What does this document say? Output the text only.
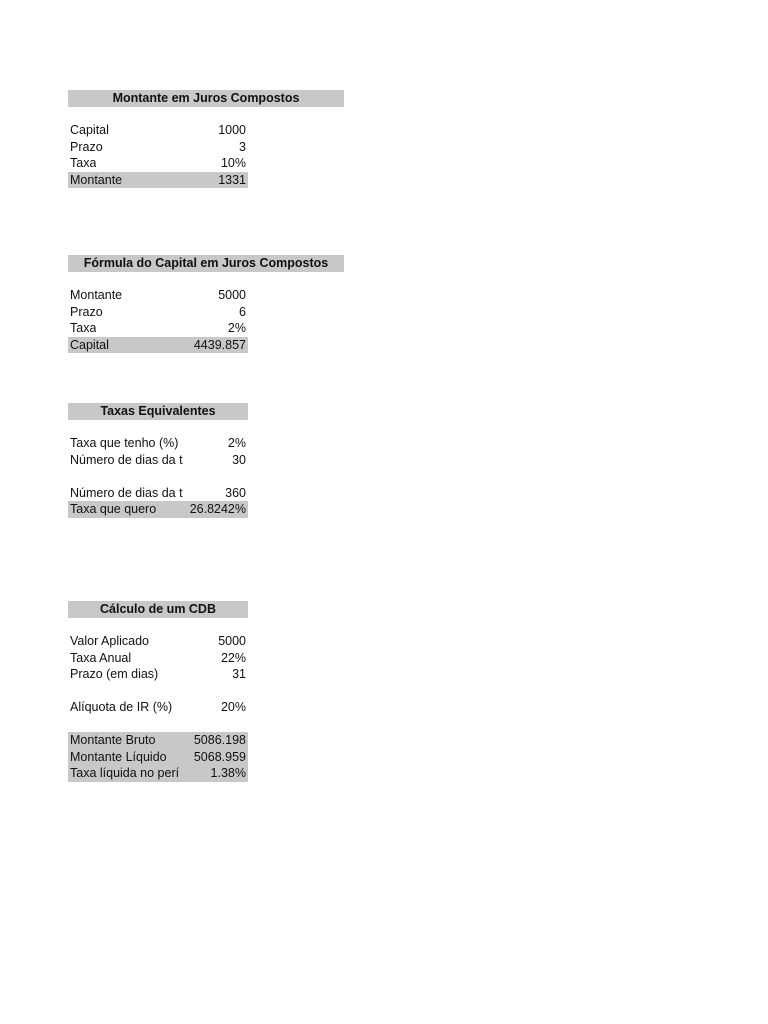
Montante em Juros Compostos
Capital	1000
Prazo	3
Taxa	10%
Montante	1331
Fórmula do Capital em Juros Compostos
Montante	5000
Prazo	6
Taxa	2%
Capital	4439.857
Taxas Equivalentes
Taxa que tenho (%)	2%
Número de dias da t	30
Número de dias da t	360
Taxa que quero	26.8242%
Cálculo de um CDB
Valor Aplicado	5000
Taxa Anual	22%
Prazo (em dias)	31
Alíquota de IR (%)	20%
Montante Bruto	5086.198
Montante Líquido 5068.959
Taxa líquida no perí	1.38%
